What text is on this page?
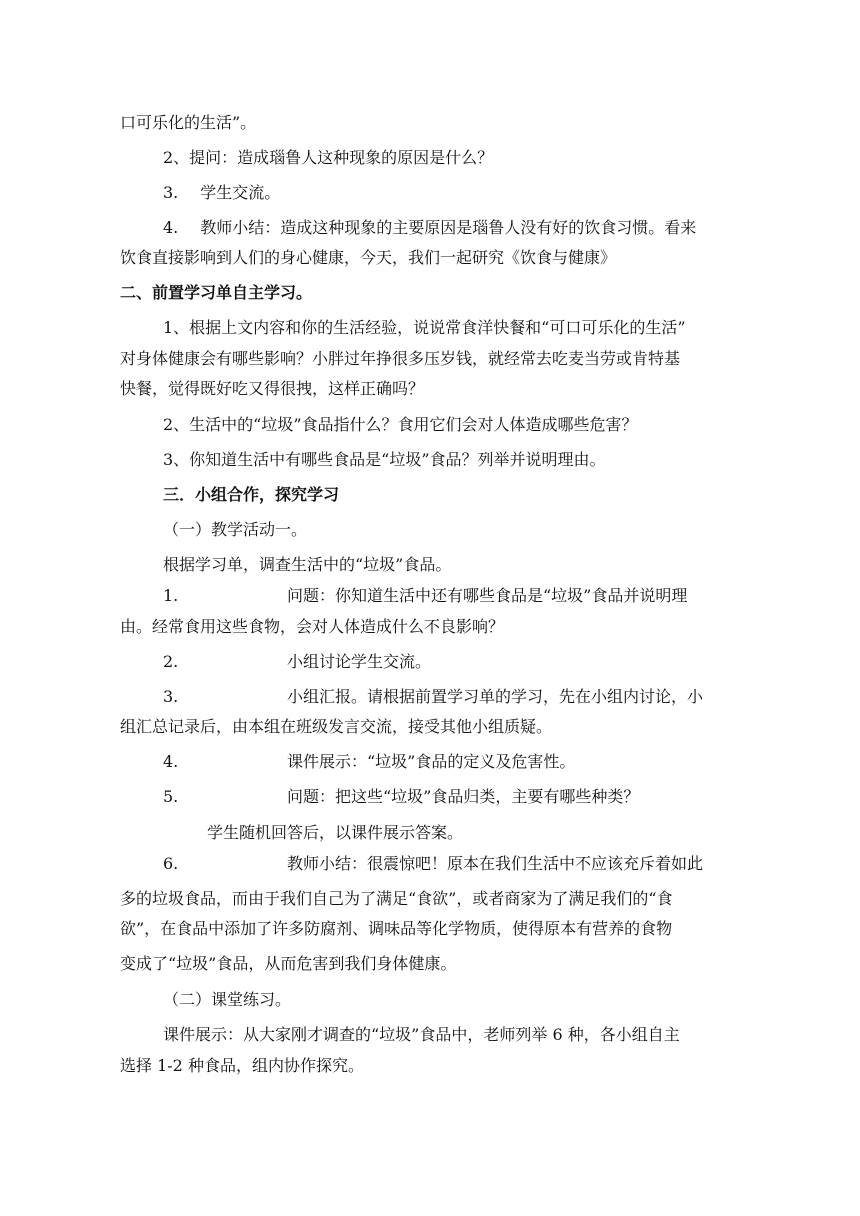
口可乐化的生活”。
2、提问：造成瑙鲁人这种现象的原因是什么？
3. 学生交流。
4. 教师小结：造成这种现象的主要原因是瑙鲁人没有好的饮食习惯。看来
饮食直接影响到人们的身心健康，今天，我们一起研究《饮食与健康》
二、前置学习单自主学习。
1、根据上文内容和你的生活经验，说说常食洋快餐和“可口可乐化的生活”
对身体健康会有哪些影响？小胖过年挣很多压岁钱，就经常去吃麦当劳或肯特基
快餐，觉得既好吃又得很拽，这样正确吗？
2、生活中的“垃圾”食品指什么？食用它们会对人体造成哪些危害？
3、你知道生活中有哪些食品是“垃圾”食品？列举并说明理由。
三．小组合作，探究学习
（一）教学活动一。
根据学习单，调查生活中的“垃圾”食品。
1.	问题：你知道生活中还有哪些食品是“垃圾”食品并说明理
由。经常食用这些食物，会对人体造成什么不良影响？
2.	小组讨论学生交流。
3.	小组汇报。请根据前置学习单的学习，先在小组内讨论，小
组汇总记录后，由本组在班级发言交流，接受其他小组质疑。
4.	课件展示：“垃圾”食品的定义及危害性。
5.	问题：把这些“垃圾”食品归类，主要有哪些种类？
学生随机回答后，以课件展示答案。
6.	教师小结：很震惊吧！原本在我们生活中不应该充斥着如此
多的垃圾食品，而由于我们自己为了满足“食欲”，或者商家为了满足我们的“食
欲”，在食品中添加了许多防腐剂、调味品等化学物质，使得原本有营养的食物
变成了“垃圾”食品，从而危害到我们身体健康。
（二）课堂练习。
课件展示：从大家刚才调查的“垃圾”食品中，老师列举 6 种，各小组自主
选择 1-2 种食品，组内协作探究。
